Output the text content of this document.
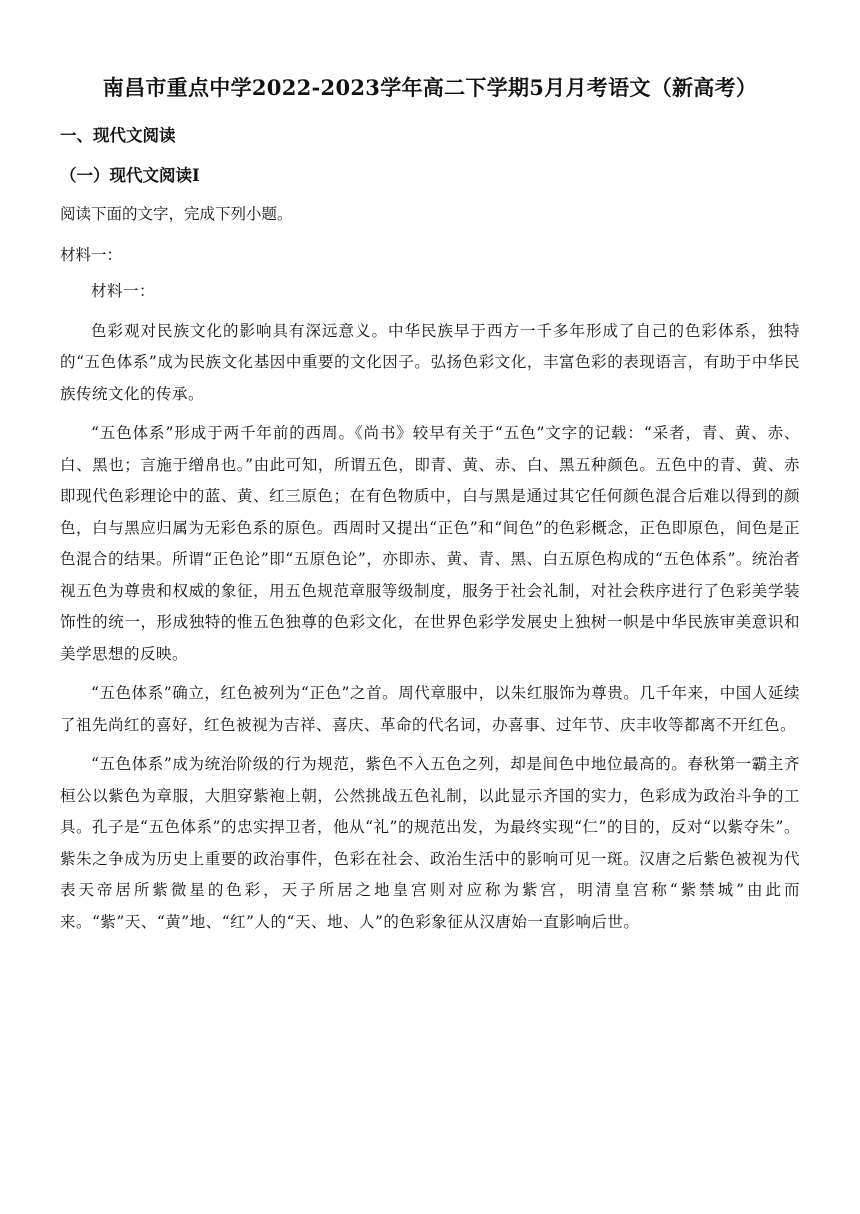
南昌市重点中学2022-2023学年高二下学期5月月考语文（新高考）
一、现代文阅读
（一）现代文阅读Ⅰ
阅读下面的文字，完成下列小题。
材料一：

材料一：

色彩观对民族文化的影响具有深远意义。中华民族早于西方一千多年形成了自己的色彩体系，独特的“五色体系”成为民族文化基因中重要的文化因子。弘扬色彩文化，丰富色彩的表现语言，有助于中华民族传统文化的传承。

“五色体系”形成于两千年前的西周。《尚书》较早有关于“五色”文字的记载：“采者，青、黄、赤、白、黑也；言施于缯帛也。”由此可知，所谓五色，即青、黄、赤、白、黑五种颜色。五色中的青、黄、赤即现代色彩理论中的蓝、黄、红三原色；在有色物质中，白与黑是通过其它任何颜色混合后难以得到的颜色，白与黑应归属为无彩色系的原色。西周时又提出“正色”和“间色”的色彩概念，正色即原色，间色是正色混合的结果。所谓“正色论”即“五原色论”，亦即赤、黄、青、黑、白五原色构成的“五色体系”。统治者视五色为尊贵和权威的象征，用五色规范章服等级制度，服务于社会礼制，对社会秩序进行了色彩美学装饰性的统一，形成独特的惟五色独尊的色彩文化，在世界色彩学发展史上独树一帜是中华民族审美意识和美学思想的反映。

“五色体系”确立，红色被列为“正色”之首。周代章服中，以朱红服饰为尊贵。几千年来，中国人延续了祖先尚红的喜好，红色被视为吉祥、喜庆、革命的代名词，办喜事、过年节、庆丰收等都离不开红色。

“五色体系”成为统治阶级的行为规范，紫色不入五色之列，却是间色中地位最高的。春秋第一霸主齐桓公以紫色为章服，大胆穿紫袍上朝，公然挑战五色礼制，以此显示齐国的实力，色彩成为政治斗争的工具。孔子是“五色体系”的忠实捍卫者，他从“礼”的规范出发，为最终实现“仁”的目的，反对“以紫夺朱”。紫朱之争成为历史上重要的政治事件，色彩在社会、政治生活中的影响可见一斑。汉唐之后紫色被视为代表天帝居所紫微星的色彩，天子所居之地皇宫则对应称为紫宫，明清皇宫称“紫禁城”由此而来。“紫”天、“黄”地、“红”人的“天、地、人”的色彩象征从汉唐始一直影响后世。
